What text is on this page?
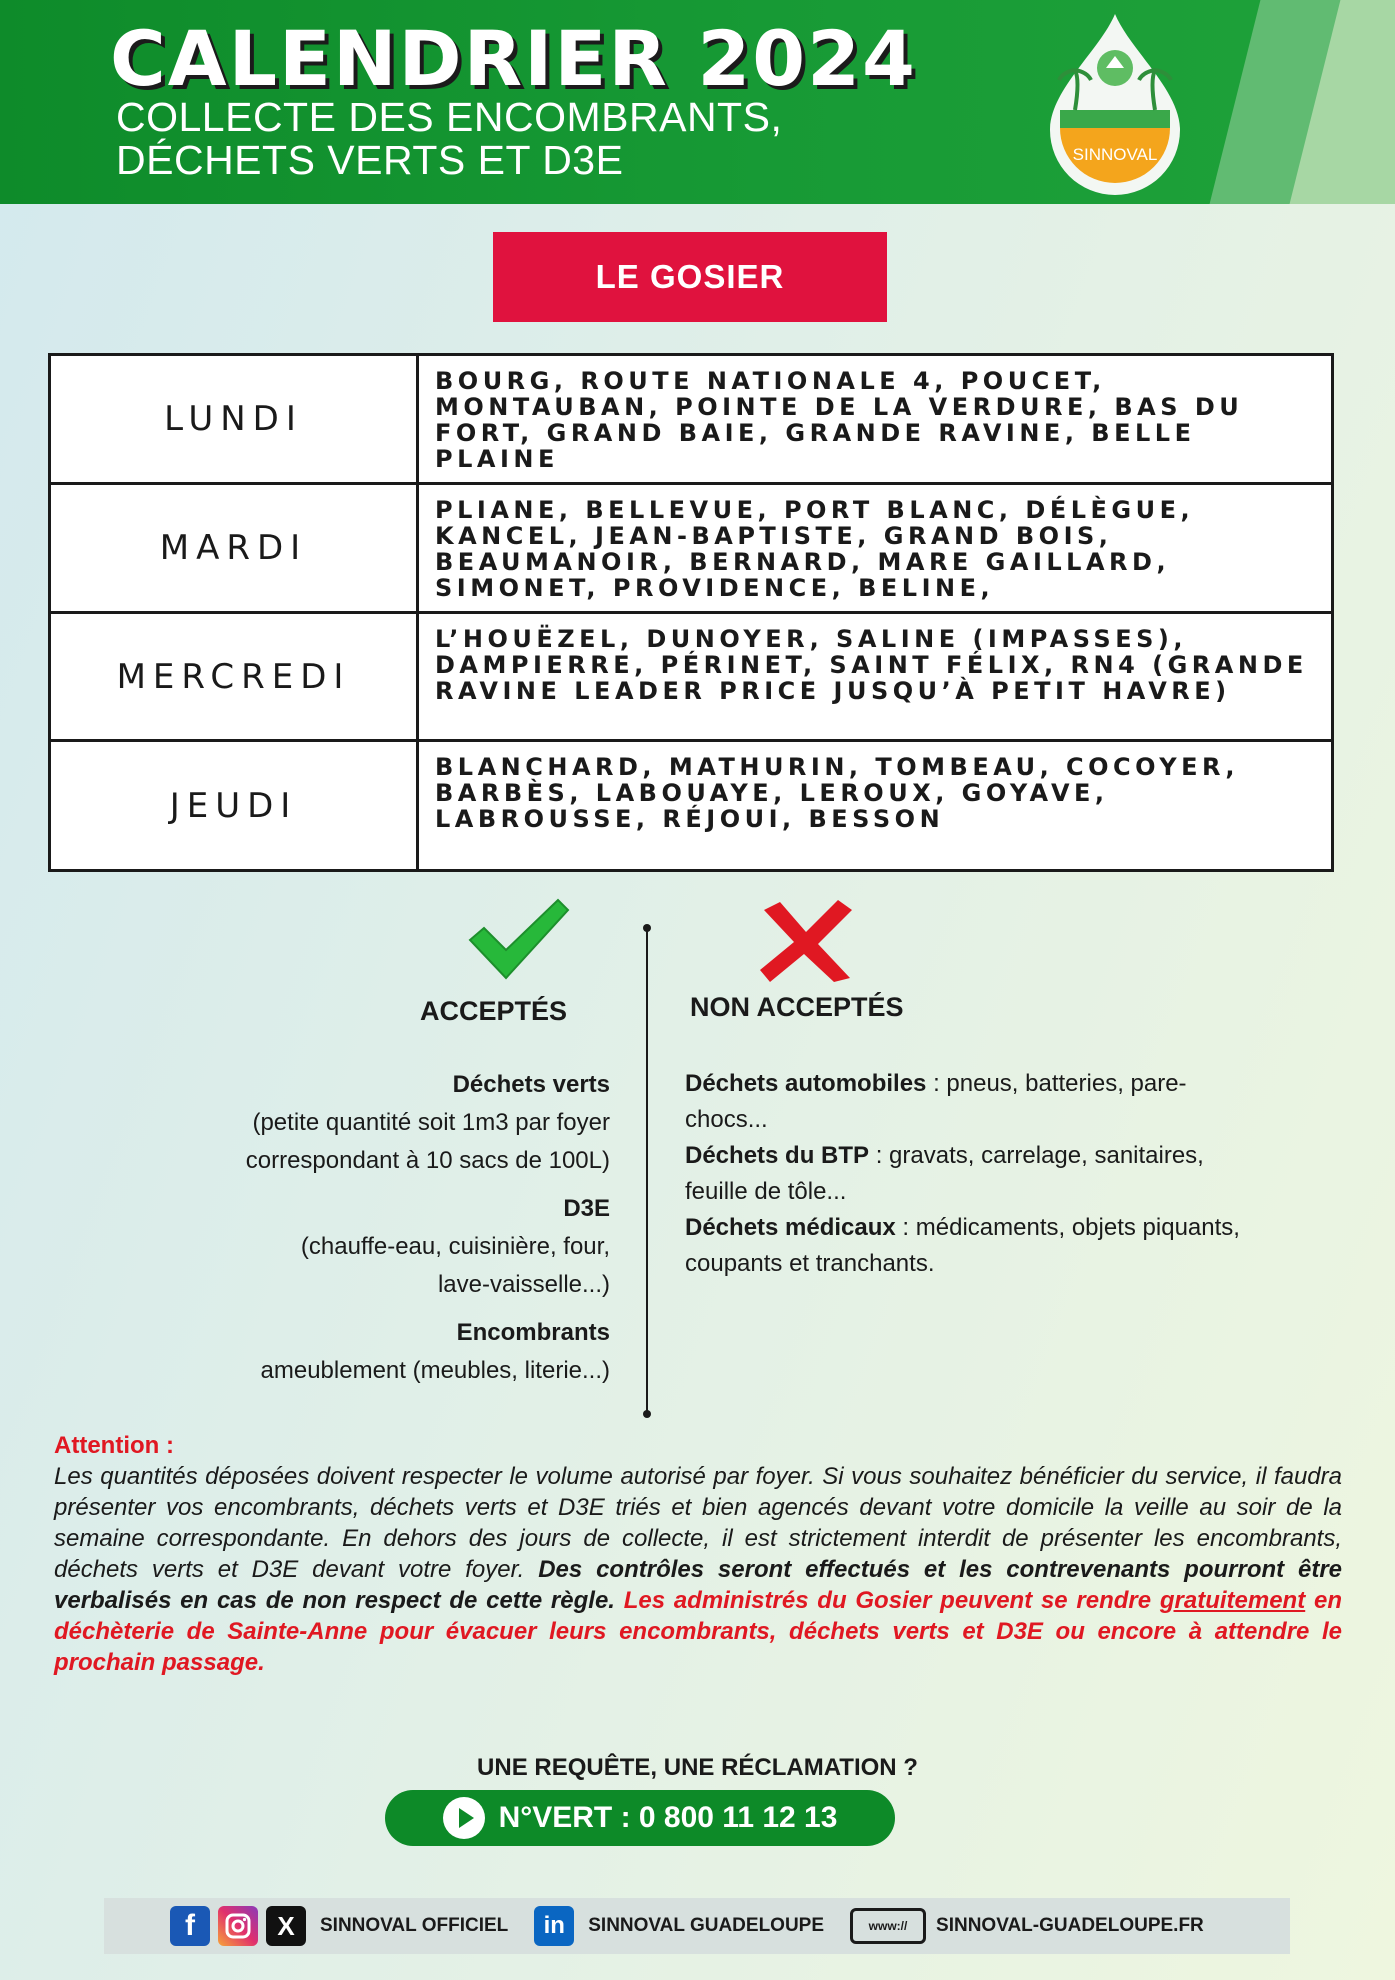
CALENDRIER 2024
COLLECTE DES ENCOMBRANTS,
DÉCHETS VERTS ET D3E	SINNOVAL
LE GOSIER
LUNDI	BOURG, ROUTE NATIONALE 4, POUCET, MONTAUBAN, POINTE DE LA VERDURE, BAS DU FORT, GRAND BAIE, GRANDE RAVINE, BELLE PLAINE
MARDI	PLIANE, BELLEVUE, PORT BLANC, DÉLÈGUE, KANCEL, JEAN-BAPTISTE, GRAND BOIS, BEAUMANOIR, BERNARD, MARE GAILLARD, SIMONET, PROVIDENCE, BELINE,
MERCREDI	L’HOUËZEL, DUNOYER, SALINE (IMPASSES), DAMPIERRE, PÉRINET, SAINT FÉLIX, RN4 (GRANDE RAVINE LEADER PRICE JUSQU’À PETIT HAVRE)
JEUDI	BLANCHARD, MATHURIN, TOMBEAU, COCOYER, BARBÈS, LABOUAYE, LEROUX, GOYAVE, LABROUSSE, RÉJOUI, BESSON
ACCEPTÉS	NON ACCEPTÉS
Déchets verts
(petite quantité soit 1m3 par foyer
correspondant à 10 sacs de 100L)
D3E
(chauffe-eau, cuisinière, four,
lave-vaisselle...)
Encombrants
ameublement (meubles, literie...)
Déchets automobiles : pneus, batteries, pare-chocs...
Déchets du BTP : gravats, carrelage, sanitaires, feuille de tôle...
Déchets médicaux : médicaments, objets piquants, coupants et tranchants.
Attention :

Les quantités déposées doivent respecter le volume autorisé par foyer. Si vous souhaitez bénéficier du service, il faudra présenter vos encombrants, déchets verts et D3E triés et bien agencés devant votre domicile la veille au soir de la semaine correspondante. En dehors des jours de collecte, il est strictement interdit de présenter les encombrants, déchets verts et D3E devant votre foyer. Des contrôles seront effectués et les contrevenants pourront être verbalisés en cas de non respect de cette règle. Les administrés du Gosier peuvent se rendre gratuitement en déchèterie de Sainte-Anne pour évacuer leurs encombrants, déchets verts et D3E ou encore à attendre le prochain passage.

UNE REQUÊTE, UNE RÉCLAMATION ?
N°VERT : 0 800 11 12 13
f	X	SINNOVAL OFFICIEL	in	SINNOVAL GUADELOUPE	www://	SINNOVAL-GUADELOUPE.FR
